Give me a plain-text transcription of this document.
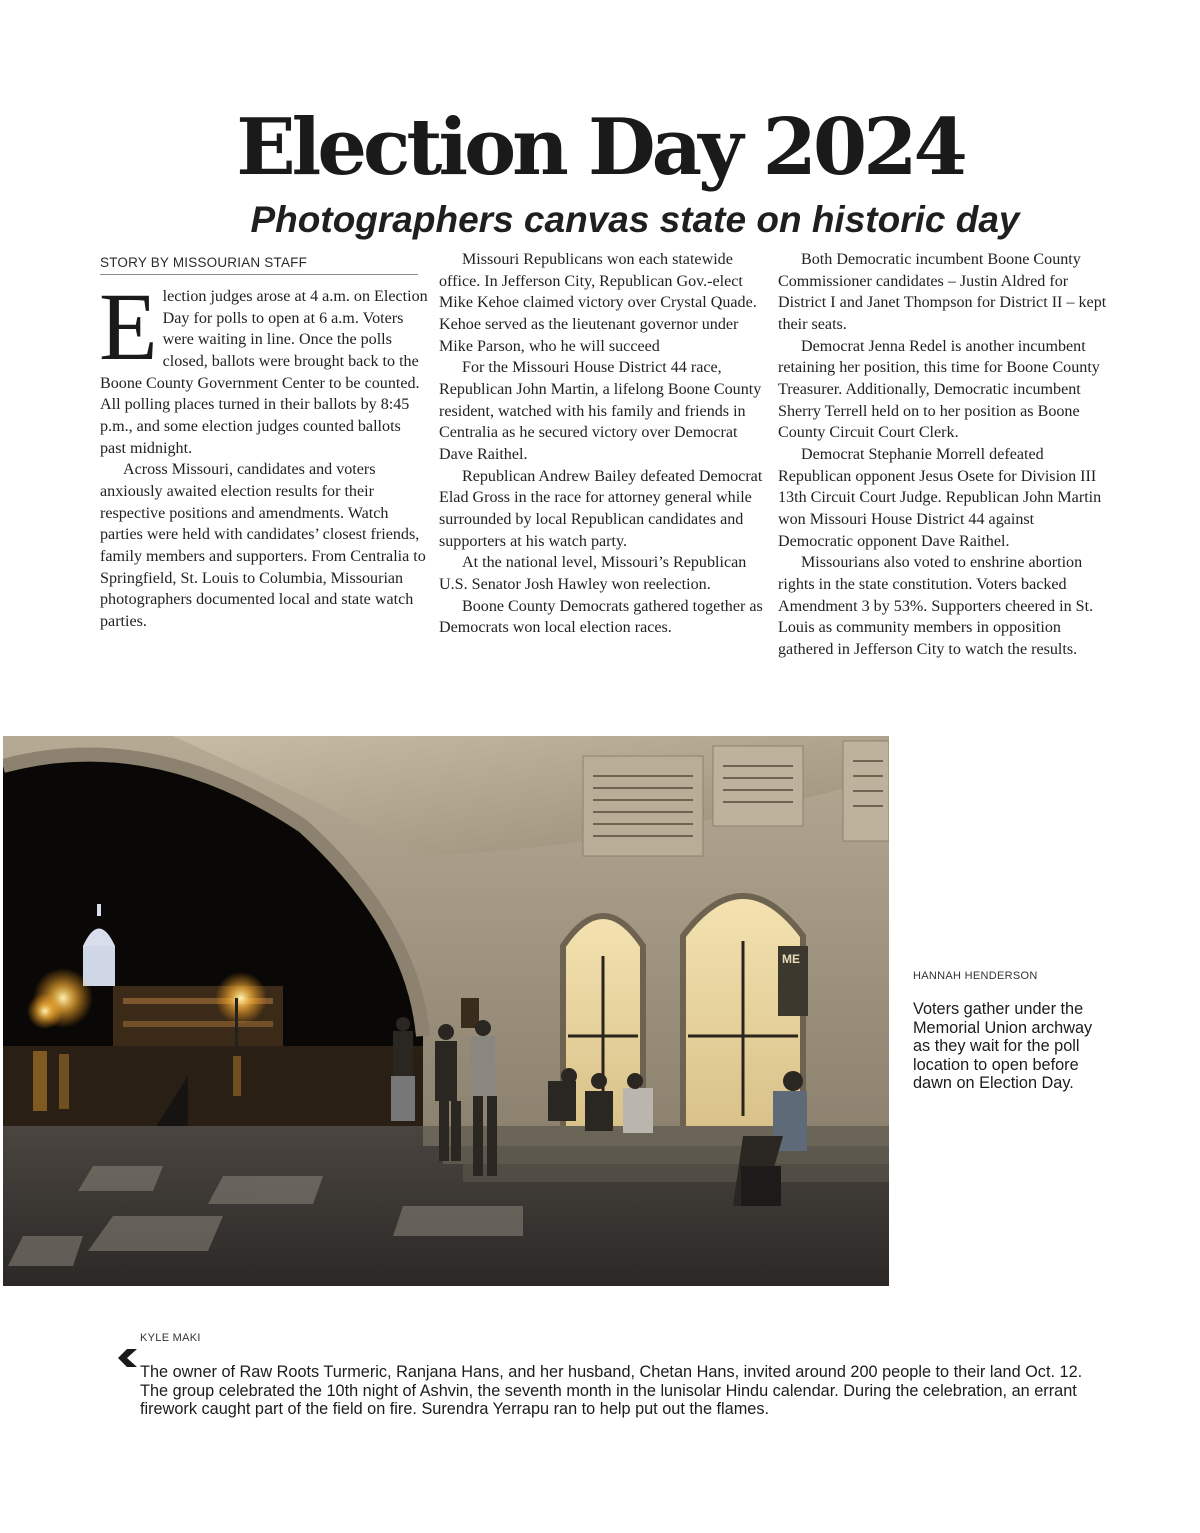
Election Day 2024
Photographers canvas state on historic day
STORY BY MISSOURIAN STAFF
E lection judges arose at 4 a.m. on Election Day for polls to open at 6 a.m. Voters were waiting in line. Once the polls closed, ballots were brought back to the Boone County Government Center to be counted. All polling places turned in their ballots by 8:45 p.m., and some election judges counted ballots past midnight.

Across Missouri, candidates and voters anxiously awaited election results for their respective positions and amendments. Watch parties were held with candidates’ closest friends, family members and supporters. From Centralia to Springfield, St. Louis to Columbia, Missourian photographers documented local and state watch parties.

Missouri Republicans won each statewide office. In Jefferson City, Republican Gov.-elect Mike Kehoe claimed victory over Crystal Quade. Kehoe served as the lieutenant governor under Mike Parson, who he will succeed

For the Missouri House District 44 race, Republican John Martin, a lifelong Boone County resident, watched with his family and friends in Centralia as he secured victory over Democrat Dave Raithel.

Republican Andrew Bailey defeated Democrat Elad Gross in the race for attorney general while surrounded by local Republican candidates and supporters at his watch party.

At the national level, Missouri’s Republican U.S. Senator Josh Hawley won reelection.

Boone County Democrats gathered together as Democrats won local election races.

Both Democratic incumbent Boone County Commissioner candidates – Justin Aldred for District I and Janet Thompson for District II – kept their seats.

Democrat Jenna Redel is another incumbent retaining her position, this time for Boone County Treasurer. Additionally, Democratic incumbent Sherry Terrell held on to her position as Boone County Circuit Court Clerk.

Democrat Stephanie Morrell defeated Republican opponent Jesus Osete for Division III 13th Circuit Court Judge. Republican John Martin won Missouri House District 44 against Democratic opponent Dave Raithel.

Missourians also voted to enshrine abortion rights in the state constitution. Voters backed Amendment 3 by 53%. Supporters cheered in St. Louis as community members in opposition gathered in Jefferson City to watch the results.

ME
HANNAH HENDERSON
Voters gather under the Memorial Union archway as they wait for the poll location to open before dawn on Election Day.
KYLE MAKI
The owner of Raw Roots Turmeric, Ranjana Hans, and her husband, Chetan Hans, invited around 200 people to their land Oct. 12. The group celebrated the 10th night of Ashvin, the seventh month in the lunisolar Hindu calendar. During the celebration, an errant firework caught part of the field on fire. Surendra Yerrapu ran to help put out the flames.
